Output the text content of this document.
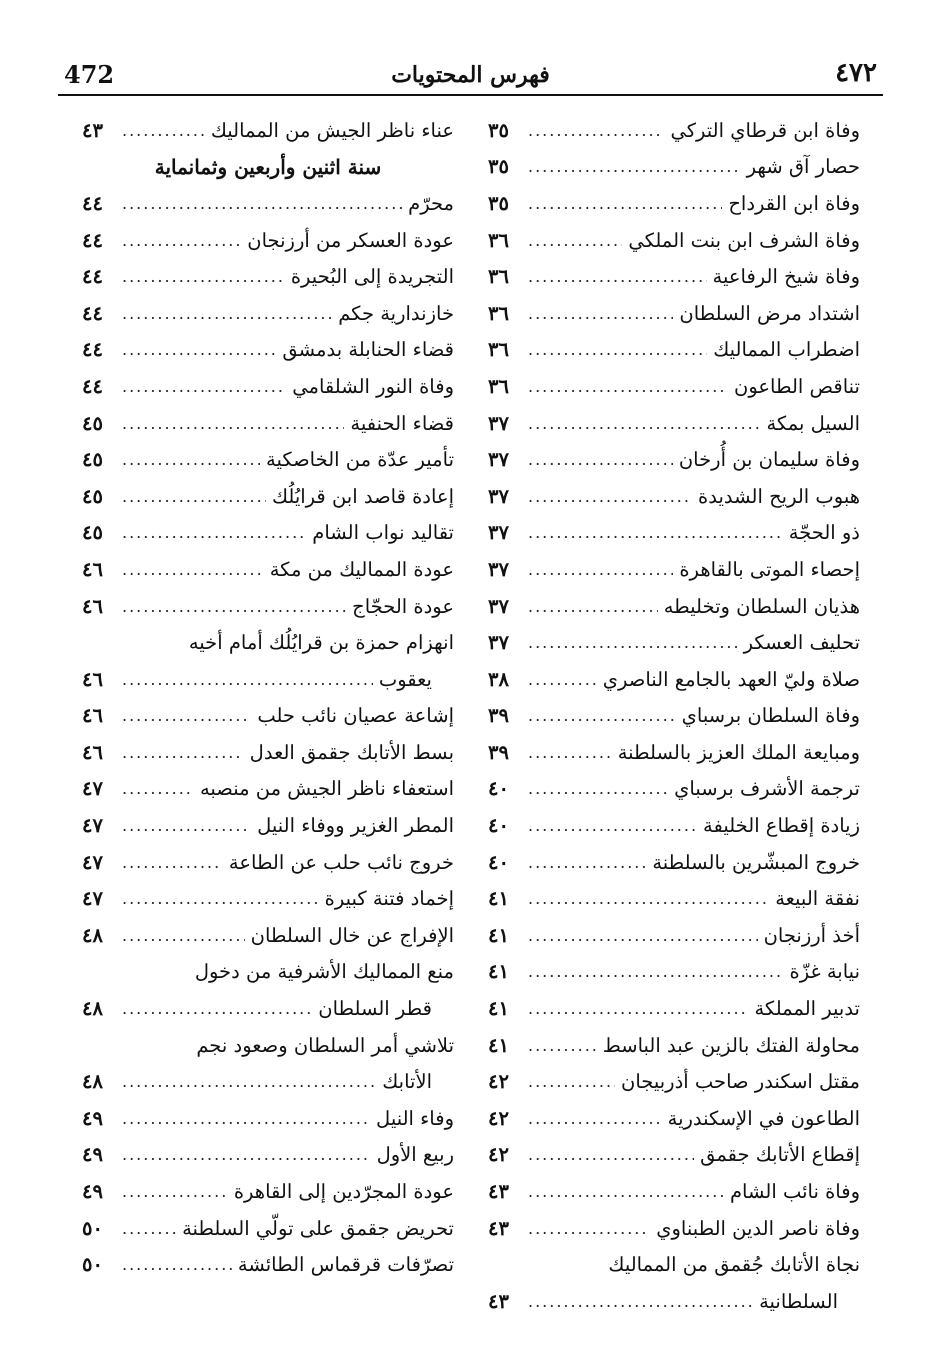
472	فهرس المحتويات	٤٧٢
وفاة ابن قرطاي التركي
.....
٣٥
حصار آق شهر
.....
٣٥
وفاة ابن القرداح
.....
٣٥
وفاة الشرف ابن بنت الملكي
.....
٣٦
وفاة شيخ الرفاعية
.....
٣٦
اشتداد مرض السلطان
.....
٣٦
اضطراب المماليك
.....
٣٦
تناقص الطاعون
.....
٣٦
السيل بمكة
.....
٣٧
وفاة سليمان بن أُرخان
.....
٣٧
هبوب الريح الشديدة
.....
٣٧
ذو الحجّة
.....
٣٧
إحصاء الموتى بالقاهرة
.....
٣٧
هذيان السلطان وتخليطه
.....
٣٧
تحليف العسكر
.....
٣٧
صلاة وليّ العهد بالجامع الناصري
.....
٣٨
وفاة السلطان برسباي
.....
٣٩
ومبايعة الملك العزيز بالسلطنة
.....
٣٩
ترجمة الأشرف برسباي
.....
٤٠
زيادة إقطاع الخليفة
.....
٤٠
خروج المبشّرين بالسلطنة
.....
٤٠
نفقة البيعة
.....
٤١
أخذ أرزنجان
.....
٤١
نيابة غزّة
.....
٤١
تدبير المملكة
.....
٤١
محاولة الفتك بالزين عبد الباسط
.....
٤١
مقتل اسكندر صاحب أذربيجان
.....
٤٢
الطاعون في الإسكندرية
.....
٤٢
إقطاع الأتابك جقمق
.....
٤٢
وفاة نائب الشام
.....
٤٣
وفاة ناصر الدين الطبناوي
.....
٤٣
نجاة الأتابك جُقمق من المماليك
السلطانية
.....
٤٣
عناء ناظر الجيش من المماليك
.....
٤٣
سنة اثنين وأربعين وثمانماية
محرّم
.....
٤٤
عودة العسكر من أرزنجان
.....
٤٤
التجريدة إلى البُحيرة
.....
٤٤
خازندارية جكم
.....
٤٤
قضاء الحنابلة بدمشق
.....
٤٤
وفاة النور الشلقامي
.....
٤٤
قضاء الحنفية
.....
٤٥
تأمير عدّة من الخاصكية
.....
٤٥
إعادة قاصد ابن قرايُلُك
.....
٤٥
تقاليد نواب الشام
.....
٤٥
عودة المماليك من مكة
.....
٤٦
عودة الحجّاج
.....
٤٦
انهزام حمزة بن قرايُلُك أمام أخيه
يعقوب
.....
٤٦
إشاعة عصيان نائب حلب
.....
٤٦
بسط الأتابك جقمق العدل
.....
٤٦
استعفاء ناظر الجيش من منصبه
.....
٤٧
المطر الغزير ووفاء النيل
.....
٤٧
خروج نائب حلب عن الطاعة
.....
٤٧
إخماد فتنة كبيرة
.....
٤٧
الإفراج عن خال السلطان
.....
٤٨
منع المماليك الأشرفية من دخول
قطر السلطان
.....
٤٨
تلاشي أمر السلطان وصعود نجم
الأتابك
.....
٤٨
وفاء النيل
.....
٤٩
ربيع الأول
.....
٤٩
عودة المجرّدين إلى القاهرة
.....
٤٩
تحريض جقمق على تولّي السلطنة
.....
٥٠
تصرّفات قرقماس الطائشة
.....
٥٠
